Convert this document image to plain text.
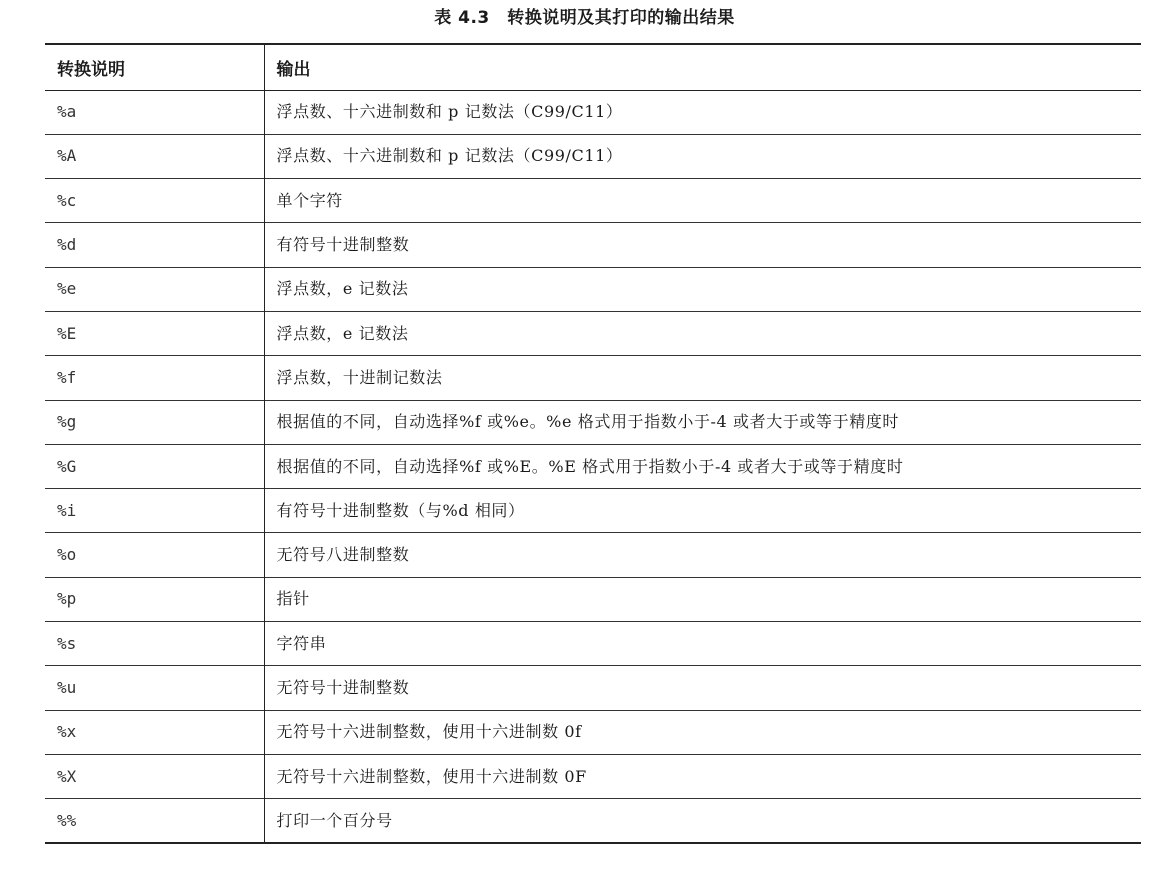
表 4.3　转换说明及其打印的输出结果
转换说明	输出
%a	浮点数、十六进制数和 p 记数法（C99/C11）
%A	浮点数、十六进制数和 p 记数法（C99/C11）
%c	单个字符
%d	有符号十进制整数
%e	浮点数，e 记数法
%E	浮点数，e 记数法
%f	浮点数，十进制记数法
%g	根据值的不同，自动选择%f 或%e。%e 格式用于指数小于-4 或者大于或等于精度时
%G	根据值的不同，自动选择%f 或%E。%E 格式用于指数小于-4 或者大于或等于精度时
%i	有符号十进制整数（与%d 相同）
%o	无符号八进制整数
%p	指针
%s	字符串
%u	无符号十进制整数
%x	无符号十六进制整数，使用十六进制数 0f
%X	无符号十六进制整数，使用十六进制数 0F
%%	打印一个百分号
